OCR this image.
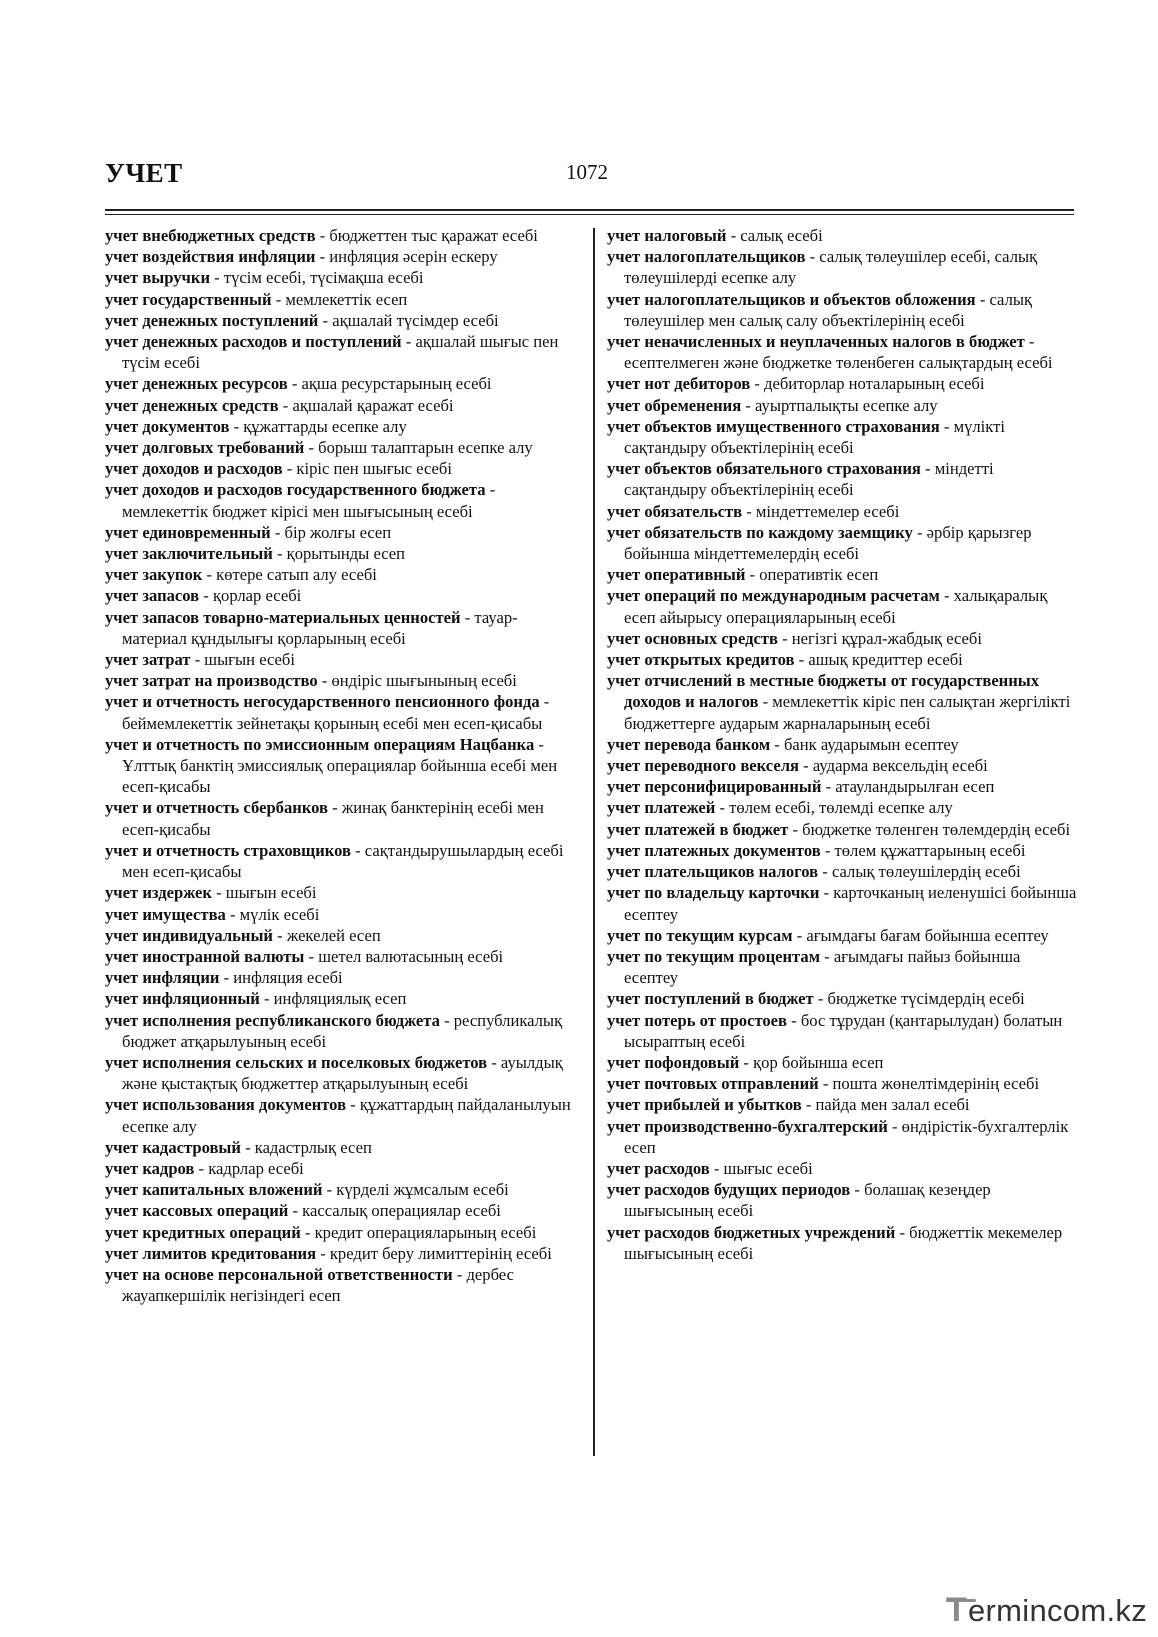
УЧЕТ	1072
учет внебюджетных средств - бюджеттен тыс қаражат есебі
учет воздействия инфляции - инфляция әсерін ескеру
учет выручки - түсім есебі, түсімақша есебі
учет государственный - мемлекеттік есеп
учет денежных поступлений - ақшалай түсімдер есебі
учет денежных расходов и поступлений - ақшалай шығыс пен түсім есебі
учет денежных ресурсов - ақша ресурстарының есебі
учет денежных средств - ақшалай қаражат есебі
учет документов - құжаттарды есепке алу
учет долговых требований - борыш талаптарын есепке алу
учет доходов и расходов - кіріс пен шығыс есебі
учет доходов и расходов государственного бюджета - мемлекеттік бюджет кірісі мен шығысының есебі
учет единовременный - бір жолғы есеп
учет заключительный - қорытынды есеп
учет закупок - көтере сатып алу есебі
учет запасов - қорлар есебі
учет запасов товарно-материальных ценностей - тауар-материал құндылығы қорларының есебі
учет затрат - шығын есебі
учет затрат на производство - өндіріс шығынының есебі
учет и отчетность негосударственного пенсионного фонда - беймемлекеттік зейнетақы қорының есебі мен есеп-қисабы
учет и отчетность по эмиссионным операциям Нацбанка - Ұлттық банктің эмиссиялық операциялар бойынша есебі мен есеп-қисабы
учет и отчетность сбербанков - жинақ банктерінің есебі мен есеп-қисабы
учет и отчетность страховщиков - сақтандырушылардың есебі мен есеп-қисабы
учет издержек - шығын есебі
учет имущества - мүлік есебі
учет индивидуальный - жекелей есеп
учет иностранной валюты - шетел валютасының есебі
учет инфляции - инфляция есебі
учет инфляционный - инфляциялық есеп
учет исполнения республиканского бюджета - республикалық бюджет атқарылуының есебі
учет исполнения сельских и поселковых бюджетов - ауылдық және қыстақтық бюджеттер атқарылуының есебі
учет использования документов - құжаттардың пайдаланылуын есепке алу
учет кадастровый - кадастрлық есеп
учет кадров - кадрлар есебі
учет капитальных вложений - күрделі жұмсалым есебі
учет кассовых операций - кассалық операциялар есебі
учет кредитных операций - кредит операцияларының есебі
учет лимитов кредитования - кредит беру лимиттерінің есебі
учет на основе персональной ответственности - дербес жауапкершілік негізіндегі есеп
учет налоговый - салық есебі
учет налогоплательщиков - салық төлеушілер есебі, салық төлеушілерді есепке алу
учет налогоплательщиков и объектов обложения - салық төлеушілер мен салық салу объектілерінің есебі
учет неначисленных и неуплаченных налогов в бюджет - есептелмеген және бюджетке төленбеген салықтардың есебі
учет нот дебиторов - дебиторлар ноталарының есебі
учет обременения - ауыртпалықты есепке алу
учет объектов имущественного страхования - мүлікті сақтандыру объектілерінің есебі
учет объектов обязательного страхования - міндетті сақтандыру объектілерінің есебі
учет обязательств - міндеттемелер есебі
учет обязательств по каждому заемщику - әрбір қарызгер бойынша міндеттемелердің есебі
учет оперативный - оперативтік есеп
учет операций по международным расчетам - халықаралық есеп айырысу операцияларының есебі
учет основных средств - негізгі құрал-жабдық есебі
учет открытых кредитов - ашық кредиттер есебі
учет отчислений в местные бюджеты от государственных доходов и налогов - мемлекеттік кіріс пен салықтан жергілікті бюджеттерге аударым жарналарының есебі
учет перевода банком - банк аударымын есептеу
учет переводного векселя - аударма вексельдің есебі
учет персонифицированный - атауландырылған есеп
учет платежей - төлем есебі, төлемді есепке алу
учет платежей в бюджет - бюджетке төленген төлемдердің есебі
учет платежных документов - төлем құжаттарының есебі
учет плательщиков налогов - салық төлеушілердің есебі
учет по владельцу карточки - карточканың иеленушісі бойынша есептеу
учет по текущим курсам - ағымдағы бағам бойынша есептеу
учет по текущим процентам - ағымдағы пайыз бойынша есептеу
учет поступлений в бюджет - бюджетке түсімдердің есебі
учет потерь от простоев - бос тұрудан (қантарылудан) болатын ысыраптың есебі
учет пофондовый - қор бойынша есеп
учет почтовых отправлений - пошта жөнелтімдерінің есебі
учет прибылей и убытков - пайда мен залал есебі
учет производственно-бухгалтерский - өндірістік-бухгалтерлік есеп
учет расходов - шығыс есебі
учет расходов будущих периодов - болашақ кезеңдер шығысының есебі
учет расходов бюджетных учреждений - бюджеттік мекемелер шығысының есебі
T ermincom.kz
